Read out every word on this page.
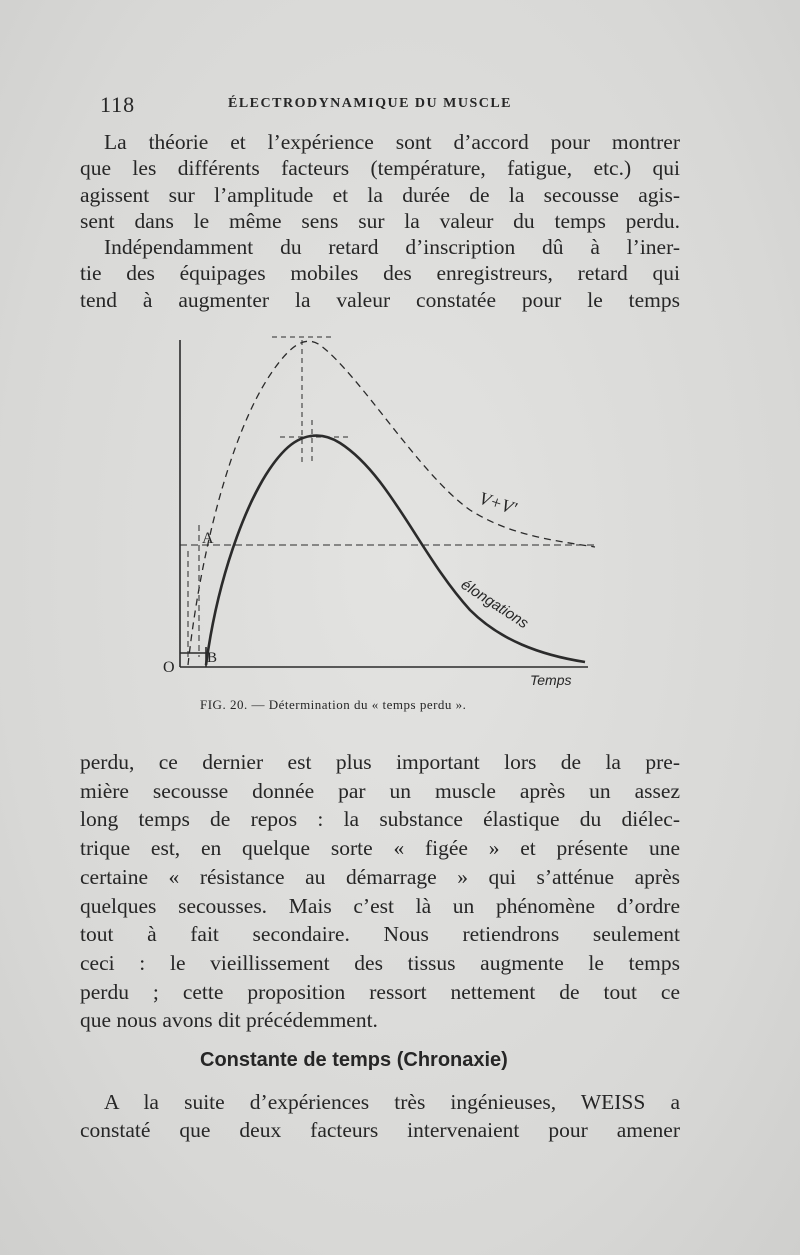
118	ÉLECTRODYNAMIQUE DU MUSCLE

La théorie et l’expérience sont d’accord pour montrer
que les différents facteurs (température, fatigue, etc.) qui
agissent sur l’amplitude et la durée de la secousse agis-
sent dans le même sens sur la valeur du temps perdu.

Indépendamment du retard d’inscription dû à l’iner-
tie des équipages mobiles des enregistreurs, retard qui
tend à augmenter la valeur constatée pour le temps

A
B
O
V+V'
élongations
Temps
FIG. 20. — Détermination du « temps perdu ».

perdu, ce dernier est plus important lors de la pre-
mière secousse donnée par un muscle après un assez
long temps de repos : la substance élastique du diélec-
trique est, en quelque sorte « figée » et présente une
certaine « résistance au démarrage » qui s’atténue après
quelques secousses. Mais c’est là un phénomène d’ordre
tout à fait secondaire. Nous retiendrons seulement
ceci : le vieillissement des tissus augmente le temps
perdu ; cette proposition ressort nettement de tout ce
que nous avons dit précédemment.

Constante de temps (Chronaxie)

A la suite d’expériences très ingénieuses, WEISS a
constaté que deux facteurs intervenaient pour amener
